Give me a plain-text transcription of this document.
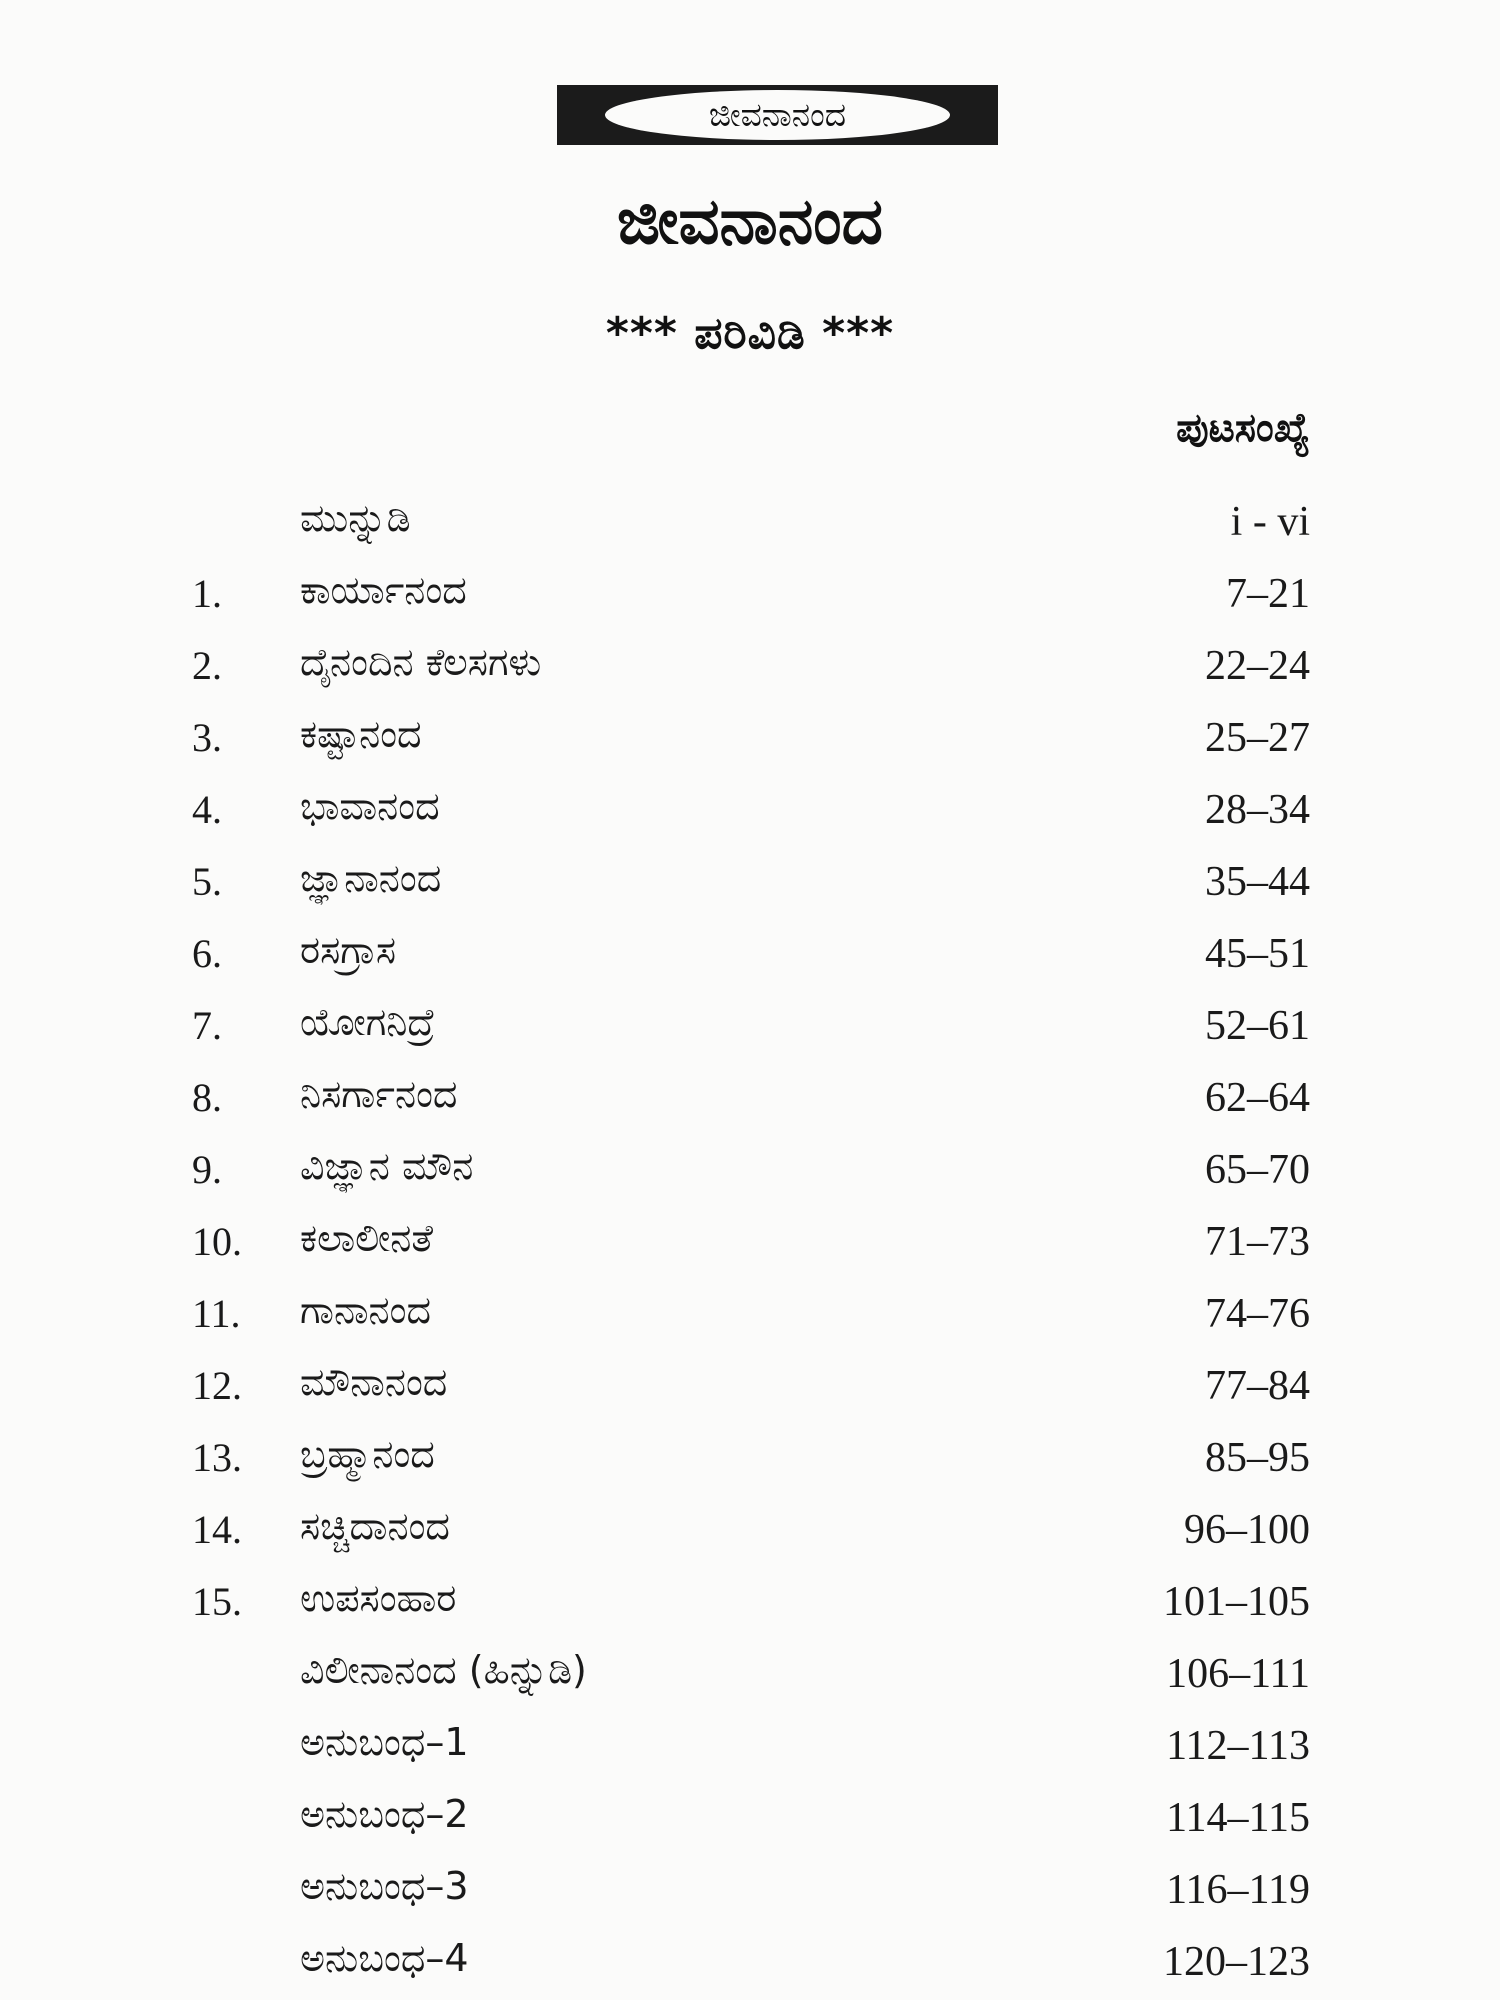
ಜೀವನಾನಂದ
ಜೀವನಾನಂದ
*** ಪರಿವಿಡಿ ***
ಪುಟಸಂಖ್ಯೆ
ಮುನ್ನುಡಿ	i - vi
1. ಕಾರ್ಯಾನಂದ	7–21
2. ದೈನಂದಿನ ಕೆಲಸಗಳು	22–24
3. ಕಷ್ಟಾನಂದ	25–27
4. ಭಾವಾನಂದ	28–34
5. ಜ್ಞಾನಾನಂದ	35–44
6. ರಸಗ್ರಾಸ	45–51
7. ಯೋಗನಿದ್ರೆ	52–61
8. ನಿಸರ್ಗಾನಂದ	62–64
9. ವಿಜ್ಞಾನ ಮೌನ	65–70
10. ಕಲಾಲೀನತೆ	71–73
11. ಗಾನಾನಂದ	74–76
12. ಮೌನಾನಂದ	77–84
13. ಬ್ರಹ್ಮಾನಂದ	85–95
14. ಸಚ್ಚಿದಾನಂದ	96–100
15. ಉಪಸಂಹಾರ	101–105
ವಿಲೀನಾನಂದ (ಹಿನ್ನುಡಿ)	106–111
ಅನುಬಂಧ–1	112–113
ಅನುಬಂಧ–2	114–115
ಅನುಬಂಧ–3	116–119
ಅನುಬಂಧ–4	120–123
